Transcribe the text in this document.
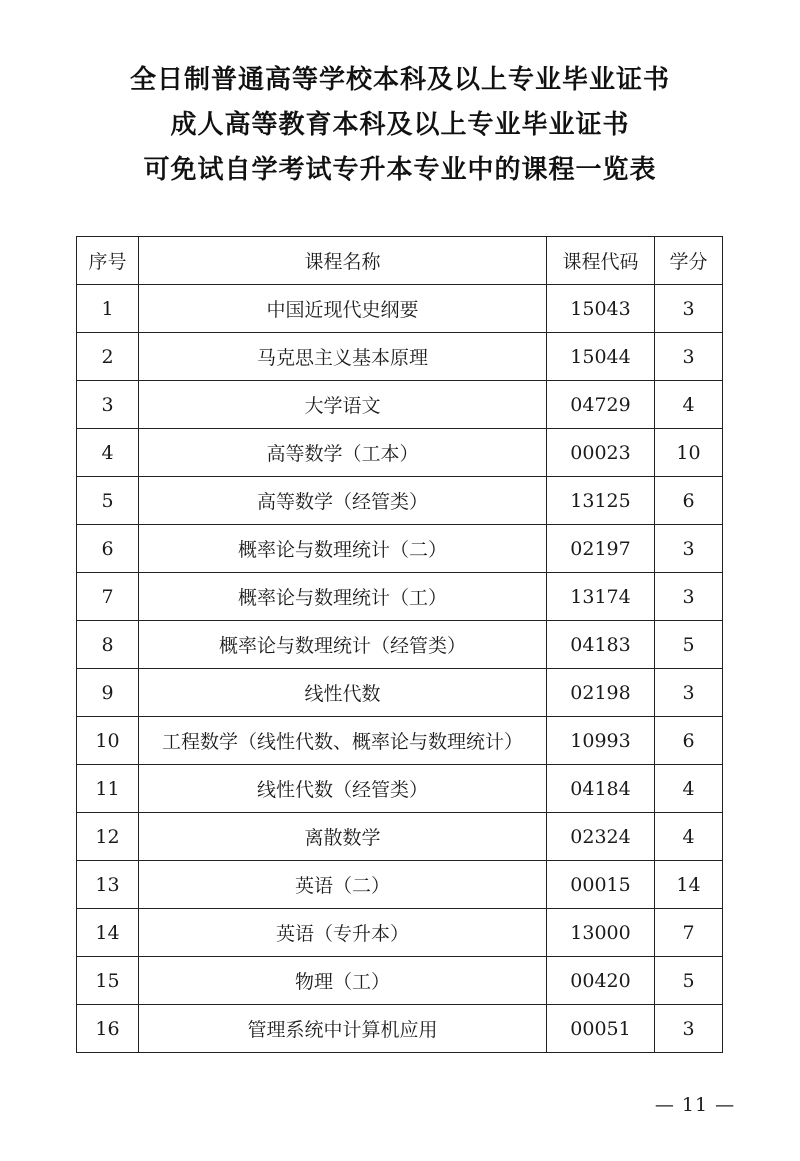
全日制普通高等学校本科及以上专业毕业证书
成人高等教育本科及以上专业毕业证书
可免试自学考试专升本专业中的课程一览表
序号	课程名称	课程代码	学分
1	中国近现代史纲要	15043	3
2	马克思主义基本原理	15044	3
3	大学语文	04729	4
4	高等数学（工本）	00023	10
5	高等数学（经管类）	13125	6
6	概率论与数理统计（二）	02197	3
7	概率论与数理统计（工）	13174	3
8	概率论与数理统计（经管类）	04183	5
9	线性代数	02198	3
10	工程数学（线性代数、概率论与数理统计）	10993	6
11	线性代数（经管类）	04184	4
12	离散数学	02324	4
13	英语（二）	00015	14
14	英语（专升本）	13000	7
15	物理（工）	00420	5
16	管理系统中计算机应用	00051	3
— 11 —
